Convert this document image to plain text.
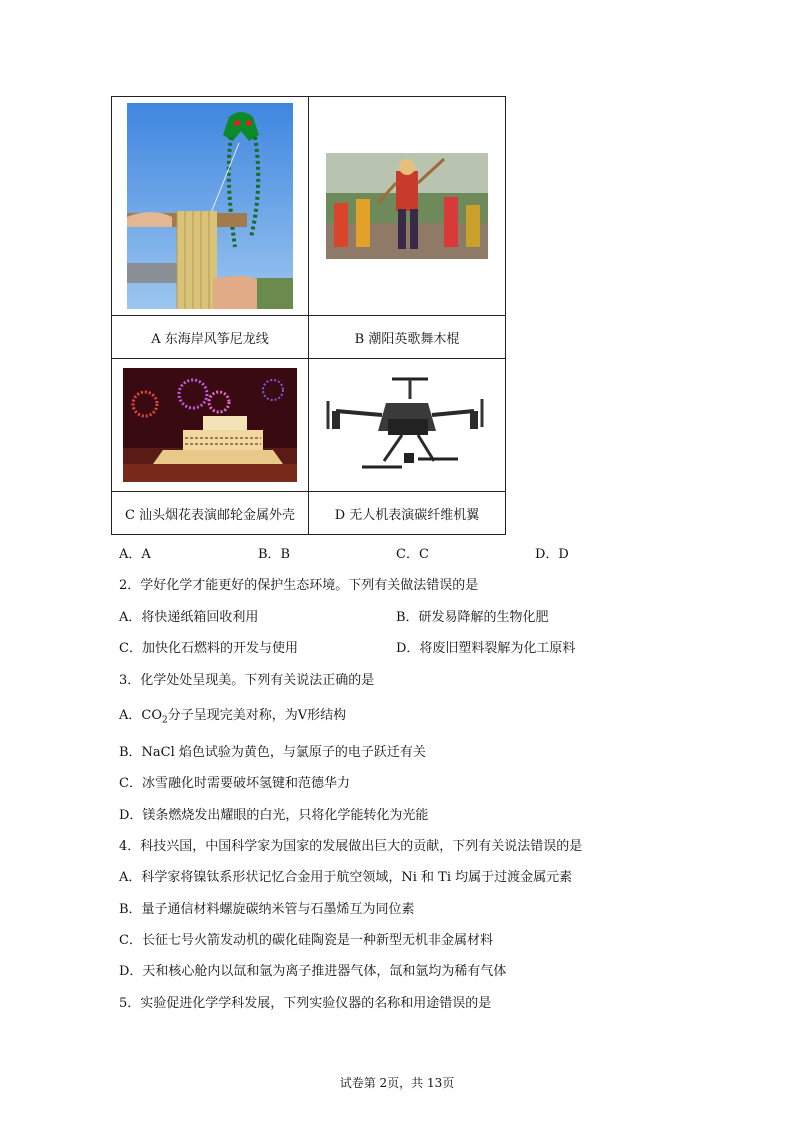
A 东海岸风筝尼龙线	B 潮阳英歌舞木棍

C 汕头烟花表演邮轮金属外壳	D 无人机表演碳纤维机翼
A．A	B．B	C．C	D．D
2．学好化学才能更好的保护生态环境。下列有关做法错误的是
A．将快递纸箱回收利用	B．研发易降解的生物化肥
C．加快化石燃料的开发与使用	D．将废旧塑料裂解为化工原料
3．化学处处呈现美。下列有关说法正确的是
A．$CO_2$分子呈现完美对称，为V形结构
B．NaCl 焰色试验为黄色，与氯原子的电子跃迁有关
C．冰雪融化时需要破坏氢键和范德华力
D．镁条燃烧发出耀眼的白光，只将化学能转化为光能
4．科技兴国，中国科学家为国家的发展做出巨大的贡献，下列有关说法错误的是
A．科学家将镍钛系形状记忆合金用于航空领域，Ni 和 Ti 均属于过渡金属元素
B．量子通信材料螺旋碳纳米管与石墨烯互为同位素
C．长征七号火箭发动机的碳化硅陶瓷是一种新型无机非金属材料
D．天和核心舱内以氙和氩为离子推进器气体，氙和氩均为稀有气体
5．实验促进化学学科发展，下列实验仪器的名称和用途错误的是
试卷第 2页，共 13页
